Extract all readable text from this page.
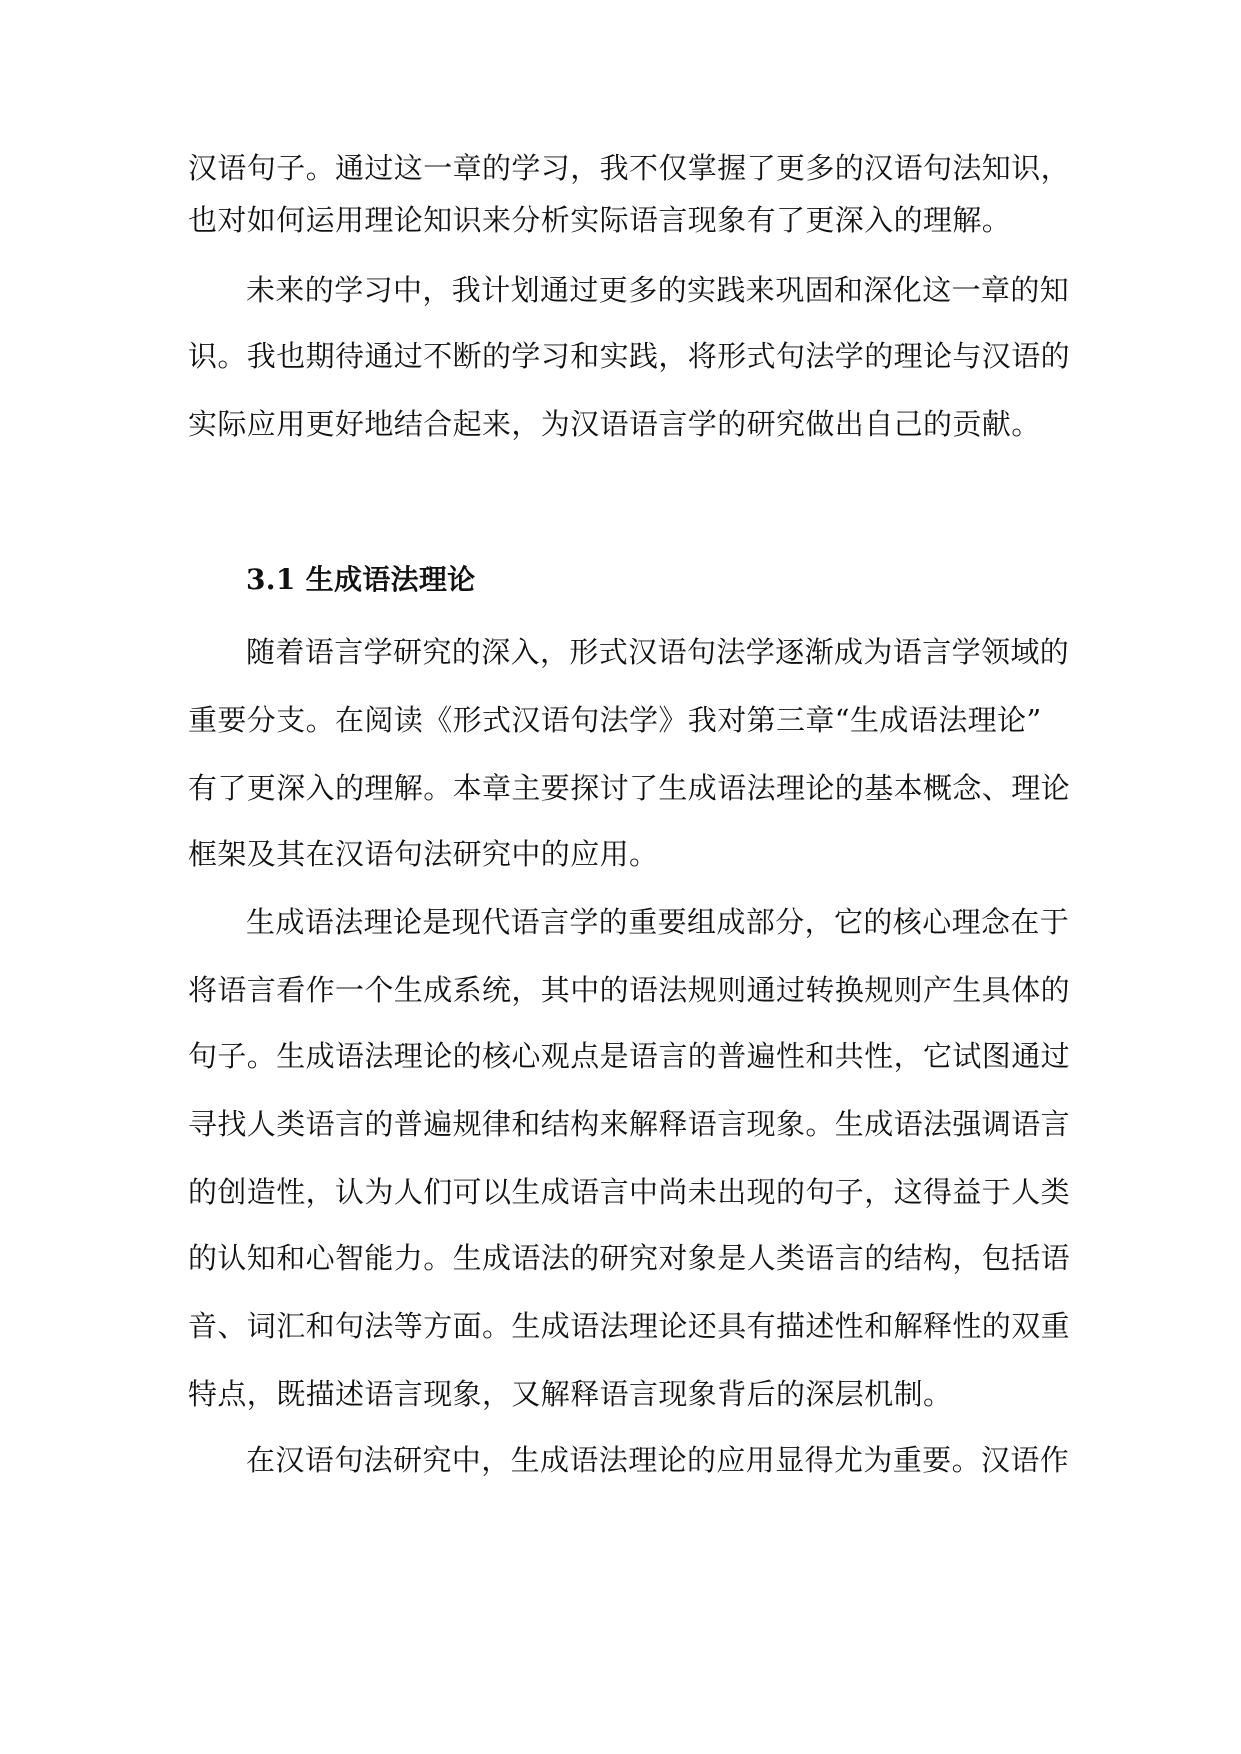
汉语句子。通过这一章的学习，我不仅掌握了更多的汉语句法知识，
也对如何运用理论知识来分析实际语言现象有了更深入的理解。
未来的学习中，我计划通过更多的实践来巩固和深化这一章的知
识。我也期待通过不断的学习和实践，将形式句法学的理论与汉语的
实际应用更好地结合起来，为汉语语言学的研究做出自己的贡献。
3.1 生成语法理论
随着语言学研究的深入，形式汉语句法学逐渐成为语言学领域的
重要分支。在阅读《形式汉语句法学》我对第三章“生成语法理论”
有了更深入的理解。本章主要探讨了生成语法理论的基本概念、理论
框架及其在汉语句法研究中的应用。
生成语法理论是现代语言学的重要组成部分，它的核心理念在于
将语言看作一个生成系统，其中的语法规则通过转换规则产生具体的
句子。生成语法理论的核心观点是语言的普遍性和共性，它试图通过
寻找人类语言的普遍规律和结构来解释语言现象。生成语法强调语言
的创造性，认为人们可以生成语言中尚未出现的句子，这得益于人类
的认知和心智能力。生成语法的研究对象是人类语言的结构，包括语
音、词汇和句法等方面。生成语法理论还具有描述性和解释性的双重
特点，既描述语言现象，又解释语言现象背后的深层机制。
在汉语句法研究中，生成语法理论的应用显得尤为重要。汉语作
